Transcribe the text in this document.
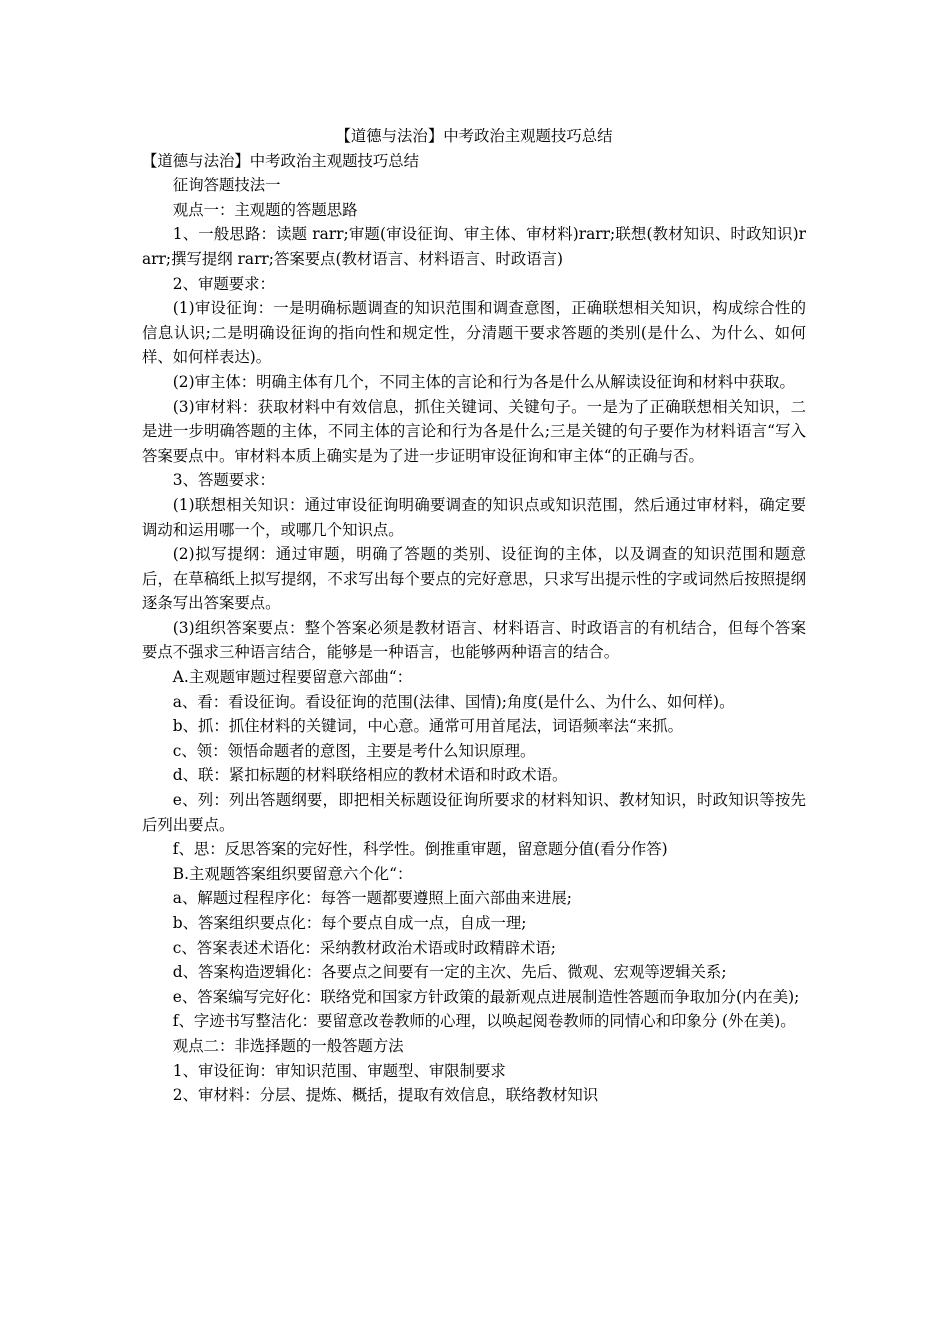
【道德与法治】中考政治主观题技巧总结

【道德与法治】中考政治主观题技巧总结

征询答题技法一

观点一：主观题的答题思路

1、一般思路：读题 rarr;审题(审设征询、审主体、审材料)rarr;联想(教材知识、时政知识)rarr;撰写提纲 rarr;答案要点(教材语言、材料语言、时政语言)

2、审题要求：

(1)审设征询：一是明确标题调查的知识范围和调查意图，正确联想相关知识，构成综合性的信息认识;二是明确设征询的指向性和规定性，分清题干要求答题的类别(是什么、为什么、如何样、如何样表达)。

(2)审主体：明确主体有几个，不同主体的言论和行为各是什么从解读设征询和材料中获取。

(3)审材料：获取材料中有效信息，抓住关键词、关键句子。一是为了正确联想相关知识，二是进一步明确答题的主体，不同主体的言论和行为各是什么;三是关键的句子要作为材料语言“写入答案要点中。审材料本质上确实是为了进一步证明审设征询和审主体“的正确与否。

3、答题要求：

(1)联想相关知识：通过审设征询明确要调查的知识点或知识范围，然后通过审材料，确定要调动和运用哪一个，或哪几个知识点。

(2)拟写提纲：通过审题，明确了答题的类别、设征询的主体，以及调查的知识范围和题意后，在草稿纸上拟写提纲，不求写出每个要点的完好意思，只求写出提示性的字或词然后按照提纲逐条写出答案要点。

(3)组织答案要点：整个答案必须是教材语言、材料语言、时政语言的有机结合，但每个答案要点不强求三种语言结合，能够是一种语言，也能够两种语言的结合。

A.主观题审题过程要留意六部曲“：

a、看：看设征询。看设征询的范围(法律、国情);角度(是什么、为什么、如何样)。

b、抓：抓住材料的关键词，中心意。通常可用首尾法，词语频率法“来抓。

c、领：领悟命题者的意图，主要是考什么知识原理。

d、联：紧扣标题的材料联络相应的教材术语和时政术语。

e、列：列出答题纲要，即把相关标题设征询所要求的材料知识、教材知识，时政知识等按先后列出要点。

f、思：反思答案的完好性，科学性。倒推重审题，留意题分值(看分作答)

B.主观题答案组织要留意六个化“：

a、解题过程程序化：每答一题都要遵照上面六部曲来进展;

b、答案组织要点化：每个要点自成一点，自成一理;

c、答案表述术语化：采纳教材政治术语或时政精辟术语;

d、答案构造逻辑化：各要点之间要有一定的主次、先后、微观、宏观等逻辑关系;

e、答案编写完好化：联络党和国家方针政策的最新观点进展制造性答题而争取加分(内在美);

f、字迹书写整洁化：要留意改卷教师的心理，以唤起阅卷教师的同情心和印象分 (外在美)。

观点二：非选择题的一般答题方法

1、审设征询：审知识范围、审题型、审限制要求

2、审材料：分层、提炼、概括，提取有效信息，联络教材知识
